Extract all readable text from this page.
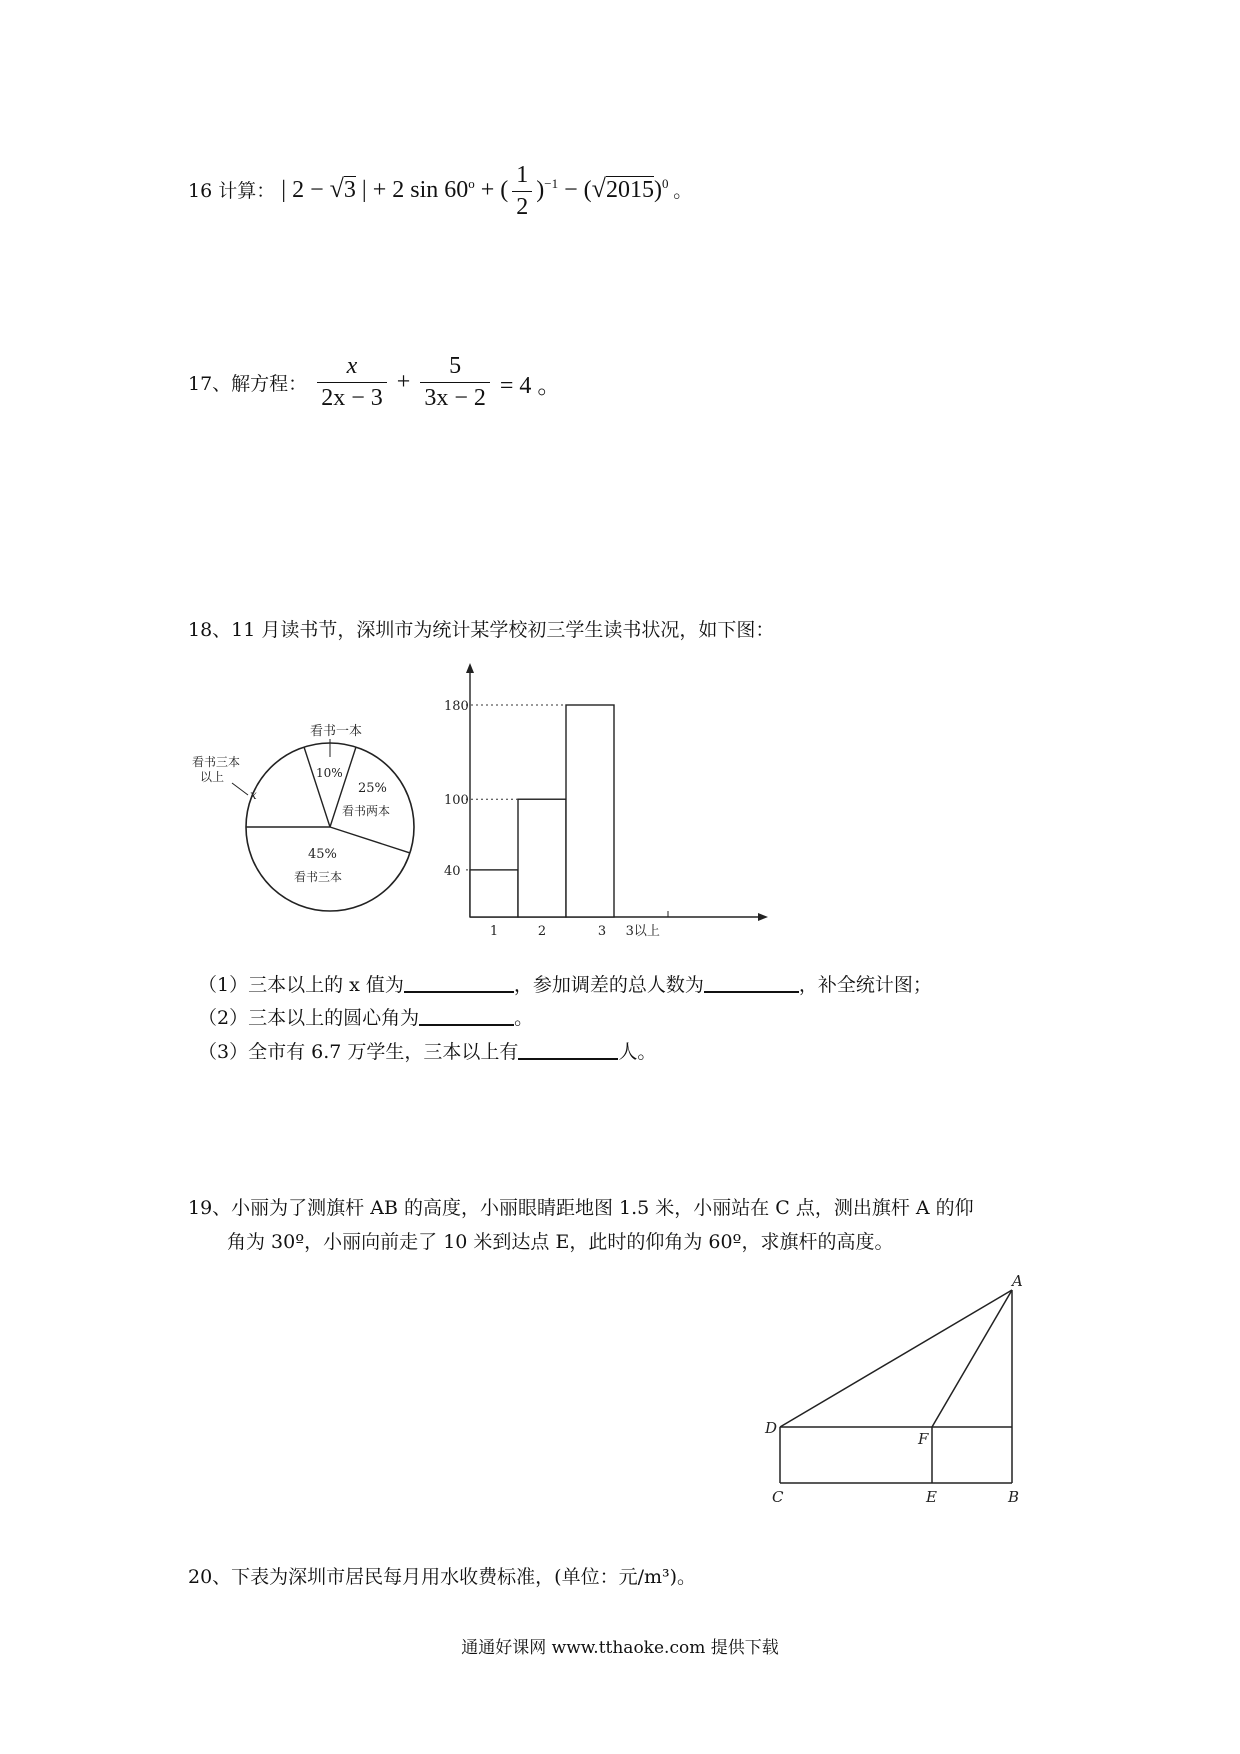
16 计算： | 2 − √3 | + 2 $\sin 60^o$ + ( $\frac{1}{2} )^{-1} - (√2015)^0$ 。
17、解方程： $\frac{x}{2x - 3} + \frac{5}{3x - 2} = 4$ 。
18、11 月读书节，深圳市为统计某学校初三学生读书状况，如下图：
看书一本
10%
25%
看书两本
45%
看书三本
看书三本
以上
x
180
100
40
1	2	3 3以上
（1）三本以上的 x 值为	，参加调差的总人数为	，补全统计图；
（2）三本以上的圆心角为	。
（3）全市有 6.7 万学生，三本以上有	人。
19、小丽为了测旗杆 AB 的高度，小丽眼睛距地图 1.5 米，小丽站在 C 点，测出旗杆 A 的仰
角为 30º，小丽向前走了 10 米到达点 E，此时的仰角为 60º，求旗杆的高度。
A
D
F
C	E	B
20、下表为深圳市居民每月用水收费标准，(单位：元/m³)。
通通好课网 www.tthaoke.com 提供下载
